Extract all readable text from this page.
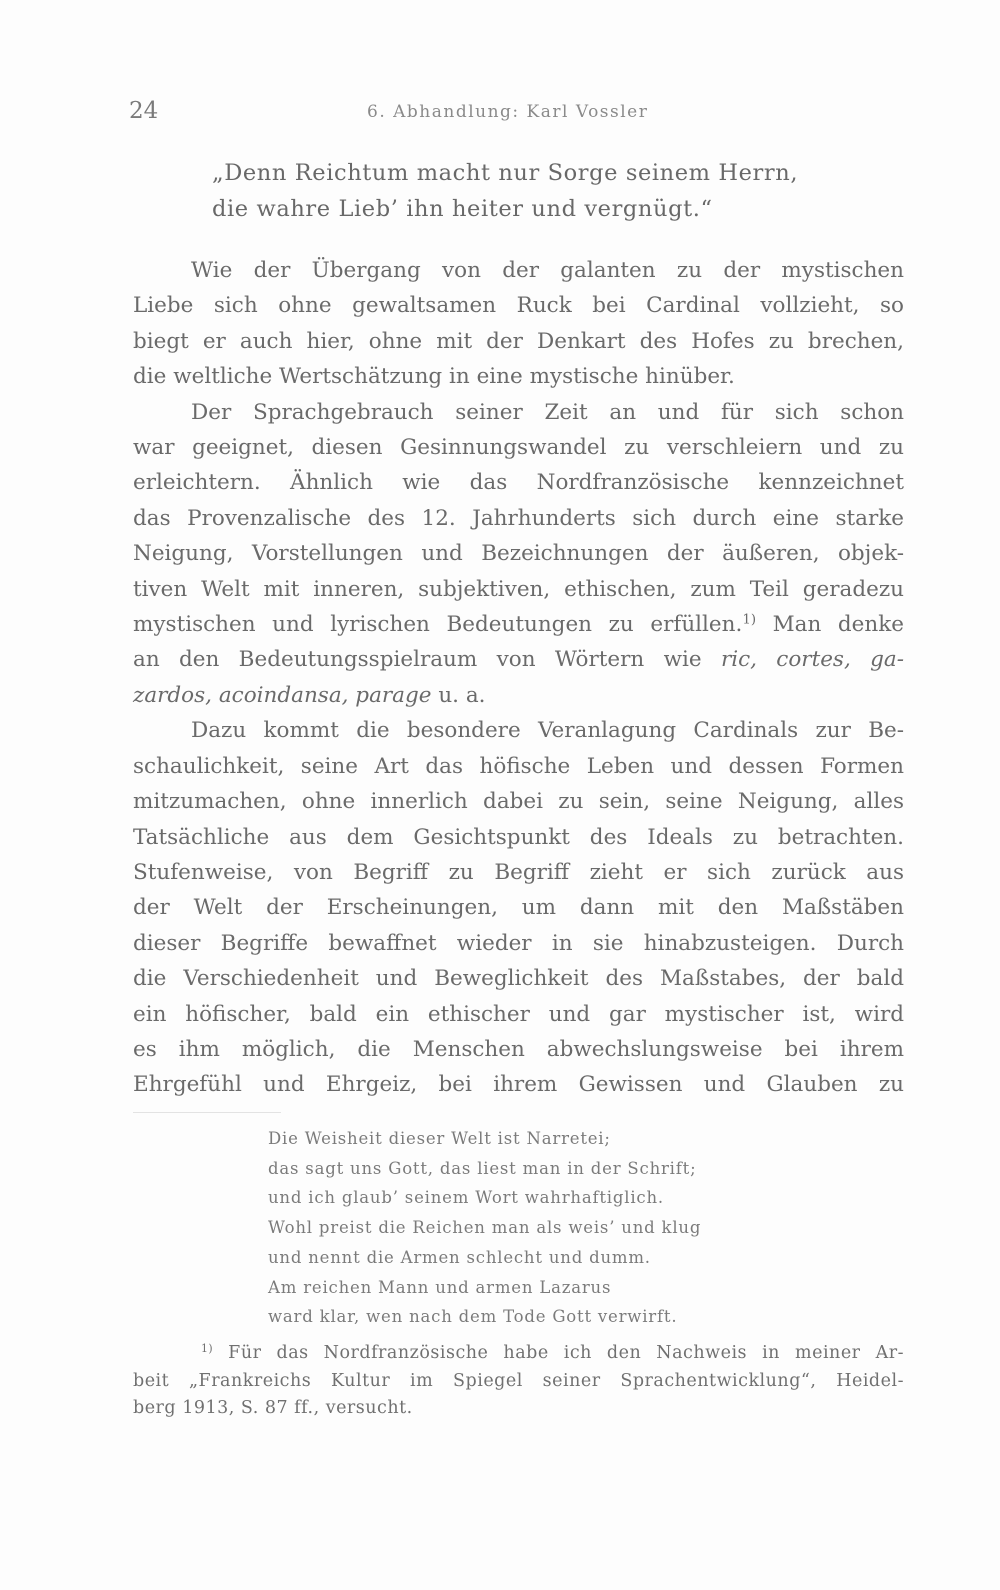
24	6. Abhandlung: Karl Vossler
„Denn Reichtum macht nur Sorge seinem Herrn,
die wahre Lieb’ ihn heiter und vergnügt.“
Wie der Übergang von der galanten zu der mystischen
Liebe sich ohne gewaltsamen Ruck bei Cardinal vollzieht, so
biegt er auch hier, ohne mit der Denkart des Hofes zu brechen,
die weltliche Wertschätzung in eine mystische hinüber.
Der Sprachgebrauch seiner Zeit an und für sich schon
war geeignet, diesen Gesinnungswandel zu verschleiern und zu
erleichtern. Ähnlich wie das Nordfranzösische kennzeichnet
das Provenzalische des 12. Jahrhunderts sich durch eine starke
Neigung, Vorstellungen und Bezeichnungen der äußeren, objek-
tiven Welt mit inneren, subjektiven, ethischen, zum Teil geradezu
mystischen und lyrischen Bedeutungen zu erfüllen.$^{1)}$ Man denke
an den Bedeutungsspielraum von Wörtern wie ric, cortes, ga-
zardos, acoindansa, parage u. a.
Dazu kommt die besondere Veranlagung Cardinals zur Be-
schaulichkeit, seine Art das höfische Leben und dessen Formen
mitzumachen, ohne innerlich dabei zu sein, seine Neigung, alles
Tatsächliche aus dem Gesichtspunkt des Ideals zu betrachten.
Stufenweise, von Begriff zu Begriff zieht er sich zurück aus
der Welt der Erscheinungen, um dann mit den Maßstäben
dieser Begriffe bewaffnet wieder in sie hinabzusteigen. Durch
die Verschiedenheit und Beweglichkeit des Maßstabes, der bald
ein höfischer, bald ein ethischer und gar mystischer ist, wird
es ihm möglich, die Menschen abwechslungsweise bei ihrem
Ehrgefühl und Ehrgeiz, bei ihrem Gewissen und Glauben zu
Die Weisheit dieser Welt ist Narretei;
das sagt uns Gott, das liest man in der Schrift;
und ich glaub’ seinem Wort wahrhaftiglich.
Wohl preist die Reichen man als weis’ und klug
und nennt die Armen schlecht und dumm.
Am reichen Mann und armen Lazarus
ward klar, wen nach dem Tode Gott verwirft.
$^{1)}$ Für das Nordfranzösische habe ich den Nachweis in meiner Ar-
beit „Frankreichs Kultur im Spiegel seiner Sprachentwicklung“, Heidel-
berg 1913, S. 87 ff., versucht.
